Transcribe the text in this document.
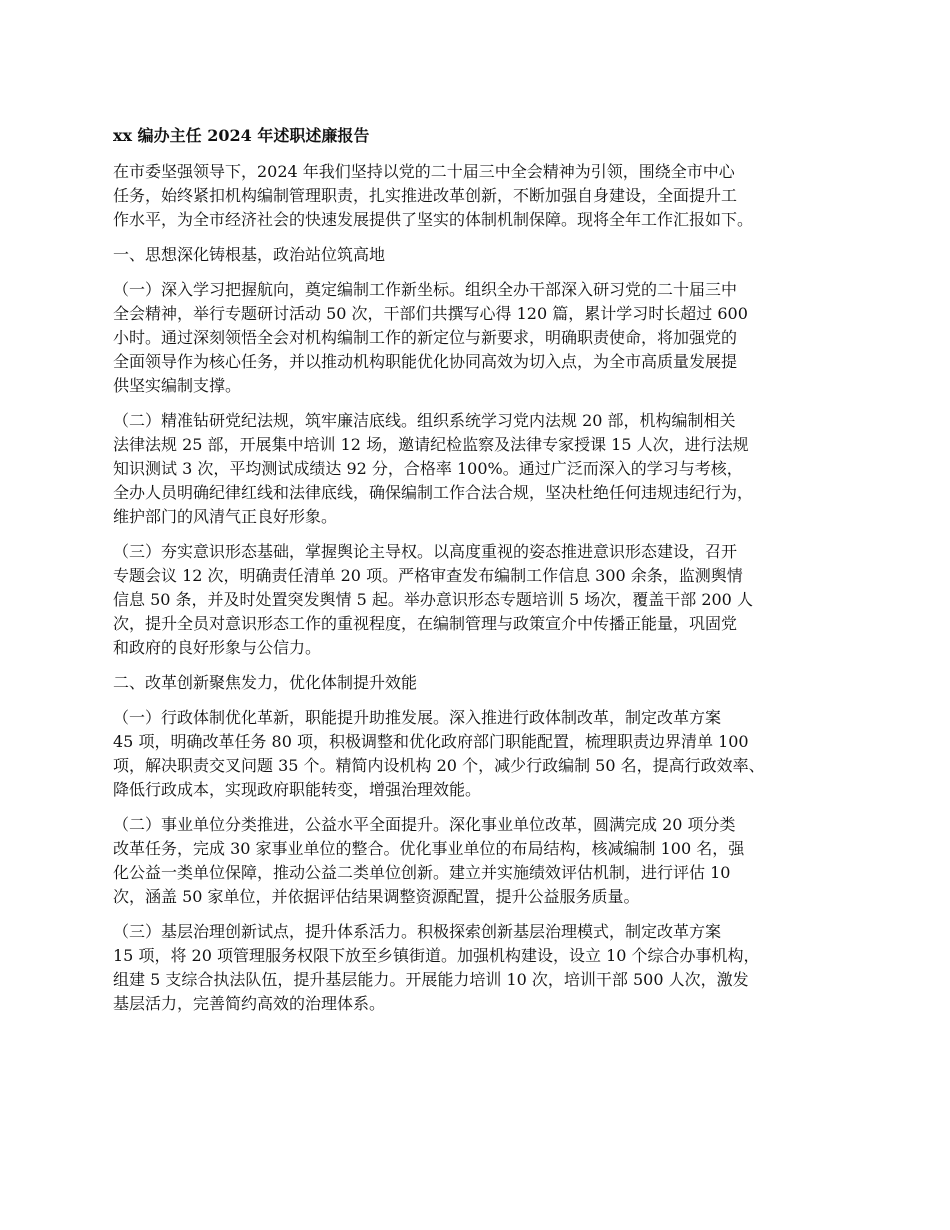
xx 编办主任 2024 年述职述廉报告
在市委坚强领导下，2024 年我们坚持以党的二十届三中全会精神为引领，围绕全市中心
任务，始终紧扣机构编制管理职责，扎实推进改革创新，不断加强自身建设，全面提升工
作水平，为全市经济社会的快速发展提供了坚实的体制机制保障。现将全年工作汇报如下。
一、思想深化铸根基，政治站位筑高地
（一）深入学习把握航向，奠定编制工作新坐标。组织全办干部深入研习党的二十届三中
全会精神，举行专题研讨活动 50 次，干部们共撰写心得 120 篇，累计学习时长超过 600
小时。通过深刻领悟全会对机构编制工作的新定位与新要求，明确职责使命，将加强党的
全面领导作为核心任务，并以推动机构职能优化协同高效为切入点，为全市高质量发展提
供坚实编制支撑。
（二）精准钻研党纪法规，筑牢廉洁底线。组织系统学习党内法规 20 部，机构编制相关
法律法规 25 部，开展集中培训 12 场，邀请纪检监察及法律专家授课 15 人次，进行法规
知识测试 3 次，平均测试成绩达 92 分，合格率 100%。通过广泛而深入的学习与考核，
全办人员明确纪律红线和法律底线，确保编制工作合法合规，坚决杜绝任何违规违纪行为，
维护部门的风清气正良好形象。
（三）夯实意识形态基础，掌握舆论主导权。以高度重视的姿态推进意识形态建设，召开
专题会议 12 次，明确责任清单 20 项。严格审查发布编制工作信息 300 余条，监测舆情
信息 50 条，并及时处置突发舆情 5 起。举办意识形态专题培训 5 场次，覆盖干部 200 人
次，提升全员对意识形态工作的重视程度，在编制管理与政策宣介中传播正能量，巩固党
和政府的良好形象与公信力。
二、改革创新聚焦发力，优化体制提升效能
（一）行政体制优化革新，职能提升助推发展。深入推进行政体制改革，制定改革方案
45 项，明确改革任务 80 项，积极调整和优化政府部门职能配置，梳理职责边界清单 100
项，解决职责交叉问题 35 个。精简内设机构 20 个，减少行政编制 50 名，提高行政效率、
降低行政成本，实现政府职能转变，增强治理效能。
（二）事业单位分类推进，公益水平全面提升。深化事业单位改革，圆满完成 20 项分类
改革任务，完成 30 家事业单位的整合。优化事业单位的布局结构，核减编制 100 名，强
化公益一类单位保障，推动公益二类单位创新。建立并实施绩效评估机制，进行评估 10
次，涵盖 50 家单位，并依据评估结果调整资源配置，提升公益服务质量。
（三）基层治理创新试点，提升体系活力。积极探索创新基层治理模式，制定改革方案
15 项，将 20 项管理服务权限下放至乡镇街道。加强机构建设，设立 10 个综合办事机构，
组建 5 支综合执法队伍，提升基层能力。开展能力培训 10 次，培训干部 500 人次，激发
基层活力，完善简约高效的治理体系。
